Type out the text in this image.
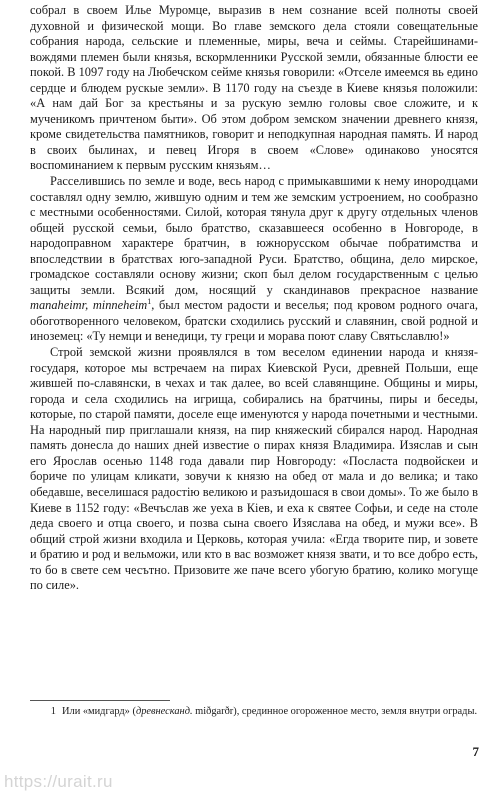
собрал в своем Илье Муромце, выразив в нем сознание всей полноты своей духовной и физической мощи. Во главе земского дела стояли совещательные собрания народа, сельские и племенные, миры, веча и сеймы. Старейшинами-вождями племен были князья, вскормленники Русской земли, обязанные блюсти ее покой. В 1097 году на Любечском сейме князья говорили: «Отселе имеемся вь едино сердце и блюдем рускыe земли». В 1170 году на съезде в Киеве князья положили: «А нам дай Бог за крестьяны и за рускую землю головы свое сложите, и к мученикомъ причтеном быти». Об этом добром земском значении древнего князя, кроме свидетельства памятников, говорит и неподкупная народная память. И народ в своих былинах, и певец Игоря в своем «Слове» одинаково уносятся воспоминанием к первым русским князьям…

Расселившись по земле и воде, весь народ с примыкавшими к нему инородцами составлял одну землю, жившую одним и тем же земским устроением, но сообразно с местными особенностями. Силой, которая тянула друг к другу отдельных членов общей русской семьи, было братство, сказавшееся особенно в Новгороде, в народоправном характере братчин, в южнорусском обычае побратимства и впоследствии в братствах юго-западной Руси. Братство, община, дело мирское, громадское составляли основу жизни; скоп был делом государственным с целью защиты земли. Всякий дом, носящий у скандинавов прекрасное название manaheimr, minneheim$^1$, был местом радости и веселья; под кровом родного очага, обоготворенного человеком, братски сходились русский и славянин, свой родной и иноземец: «Ту немци и венедици, ту греци и морава поют славу Святьславлю!»

Строй земской жизни проявлялся в том веселом единении народа и князя-государя, которое мы встречаем на пирах Киевской Руси, древней Польши, еще жившей по-славянски, в чехах и так далее, во всей славянщине. Общины и миры, города и села сходились на игрища, собирались на братчины, пиры и беседы, которые, по старой памяти, доселе еще именуются у народа почетными и честными. На народный пир приглашали князя, на пир княжеский сбирался народ. Народная память донесла до наших дней известие о пирах князя Владимира. Изяслав и сын его Ярослав осенью 1148 года давали пир Новгороду: «Посласта подвойскеи и бориче по улицам кликати, зовучи к князю на обед от мала и до велика; и тако обедавше, веселишася радостію великою и разъидошася в свои домы». То же было в Киеве в 1152 году: «Вечъслав же уеха в Кiев, и еха к святее Софьи, и седе на столе деда своего и отца своего, и позва сына своего Изяслава на обед, и мужи все». В общий строй жизни входила и Церковь, которая учила: «Егда творите пир, и зовете и братию и род и вельможи, или кто в вас возможет князя звати, и то все добро есть, то бо в свете сем чесътно. Призовите же паче всего убогую братию, колико могуще по силе».

1 Или «мидгард» (древнесканд. miðgarðr), срединное огороженное место, земля внутри ограды.
7
https://urait.ru
